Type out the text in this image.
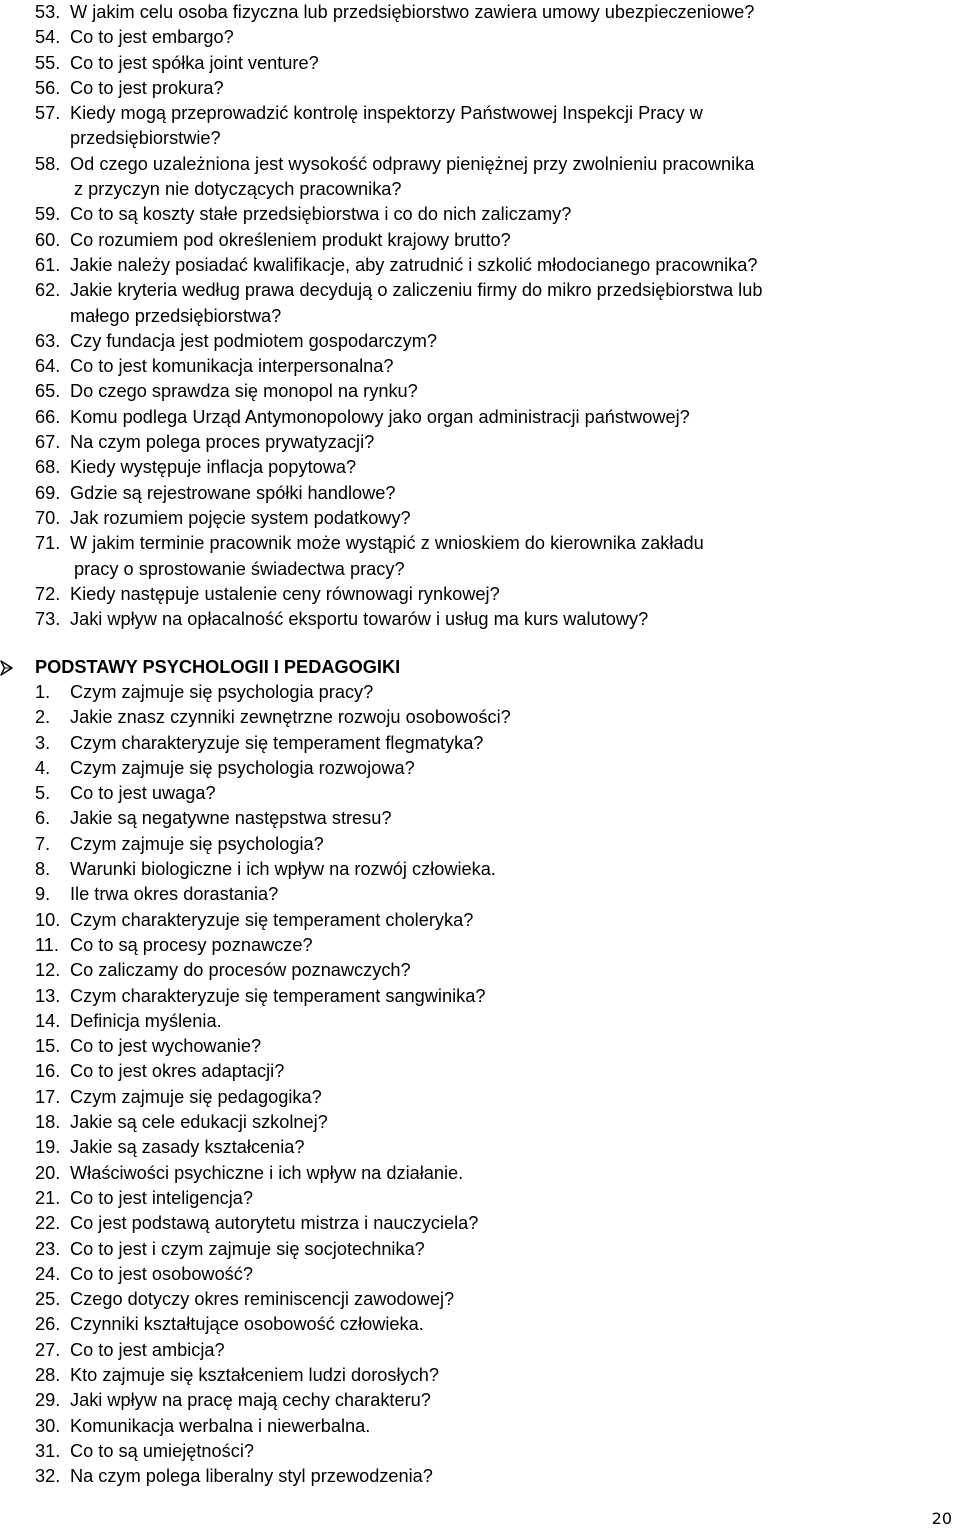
53. W jakim celu osoba fizyczna lub przedsiębiorstwo zawiera umowy ubezpieczeniowe?
54. Co to jest embargo?
55. Co to jest spółka joint venture?
56. Co to jest prokura?
57. Kiedy mogą przeprowadzić kontrolę inspektorzy Państwowej Inspekcji Pracy w
przedsiębiorstwie?
58. Od czego uzależniona jest wysokość odprawy pieniężnej przy zwolnieniu pracownika
z przyczyn nie dotyczących pracownika?
59. Co to są koszty stałe przedsiębiorstwa i co do nich zaliczamy?
60. Co rozumiem pod określeniem produkt krajowy brutto?
61. Jakie należy posiadać kwalifikacje, aby zatrudnić i szkolić młodocianego pracownika?
62. Jakie kryteria według prawa decydują o zaliczeniu firmy do mikro przedsiębiorstwa lub
małego przedsiębiorstwa?
63. Czy fundacja jest podmiotem gospodarczym?
64. Co to jest komunikacja interpersonalna?
65. Do czego sprawdza się monopol na rynku?
66. Komu podlega Urząd Antymonopolowy jako organ administracji państwowej?
67. Na czym polega proces prywatyzacji?
68. Kiedy występuje inflacja popytowa?
69. Gdzie są rejestrowane spółki handlowe?
70. Jak rozumiem pojęcie system podatkowy?
71. W jakim terminie pracownik może wystąpić z wnioskiem do kierownika zakładu
pracy o sprostowanie świadectwa pracy?
72. Kiedy następuje ustalenie ceny równowagi rynkowej?
73. Jaki wpływ na opłacalność eksportu towarów i usług ma kurs walutowy?
PODSTAWY PSYCHOLOGII I PEDAGOGIKI
1.	Czym zajmuje się psychologia pracy?
2.	Jakie znasz czynniki zewnętrzne rozwoju osobowości?
3.	Czym charakteryzuje się temperament flegmatyka?
4.	Czym zajmuje się psychologia rozwojowa?
5.	Co to jest uwaga?
6.	Jakie są negatywne następstwa stresu?
7.	Czym zajmuje się psychologia?
8.	Warunki biologiczne i ich wpływ na rozwój człowieka.
9.	Ile trwa okres dorastania?
10. Czym charakteryzuje się temperament choleryka?
11. Co to są procesy poznawcze?
12. Co zaliczamy do procesów poznawczych?
13. Czym charakteryzuje się temperament sangwinika?
14. Definicja myślenia.
15. Co to jest wychowanie?
16. Co to jest okres adaptacji?
17. Czym zajmuje się pedagogika?
18. Jakie są cele edukacji szkolnej?
19. Jakie są zasady kształcenia?
20. Właściwości psychiczne i ich wpływ na działanie.
21. Co to jest inteligencja?
22. Co jest podstawą autorytetu mistrza i nauczyciela?
23. Co to jest i czym zajmuje się socjotechnika?
24. Co to jest osobowość?
25. Czego dotyczy okres reminiscencji zawodowej?
26. Czynniki kształtujące osobowość człowieka.
27. Co to jest ambicja?
28. Kto zajmuje się kształceniem ludzi dorosłych?
29. Jaki wpływ na pracę mają cechy charakteru?
30. Komunikacja werbalna i niewerbalna.
31. Co to są umiejętności?
32. Na czym polega liberalny styl przewodzenia?
20
